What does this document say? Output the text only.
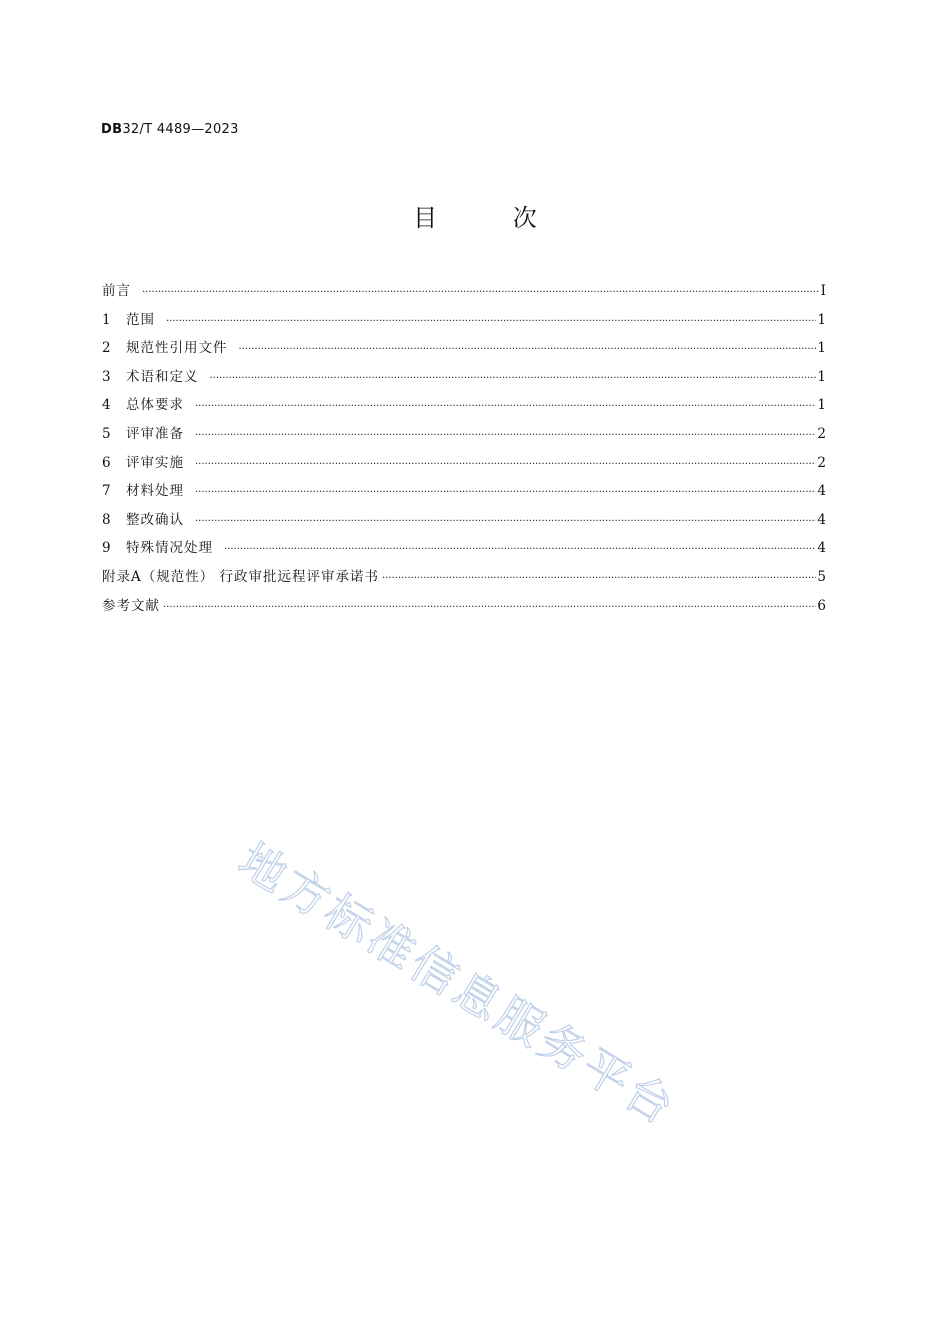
DB32/T 4489—2023
目 次
前言 ·····	I
1	范围 ·····	1
2	规范性引用文件 ·····	1
3	术语和定义 ·····	1
4	总体要求 ·····	1
5	评审准备 ·····	2
6	评审实施 ·····	2
7	材料处理 ·····	4
8	整改确认 ·····	4
9	特殊情况处理 ·····	4
附录A（规范性） 行政审批远程评审承诺书 ·····	5
参考文献 ·····	6
地方标准信息服务平台
